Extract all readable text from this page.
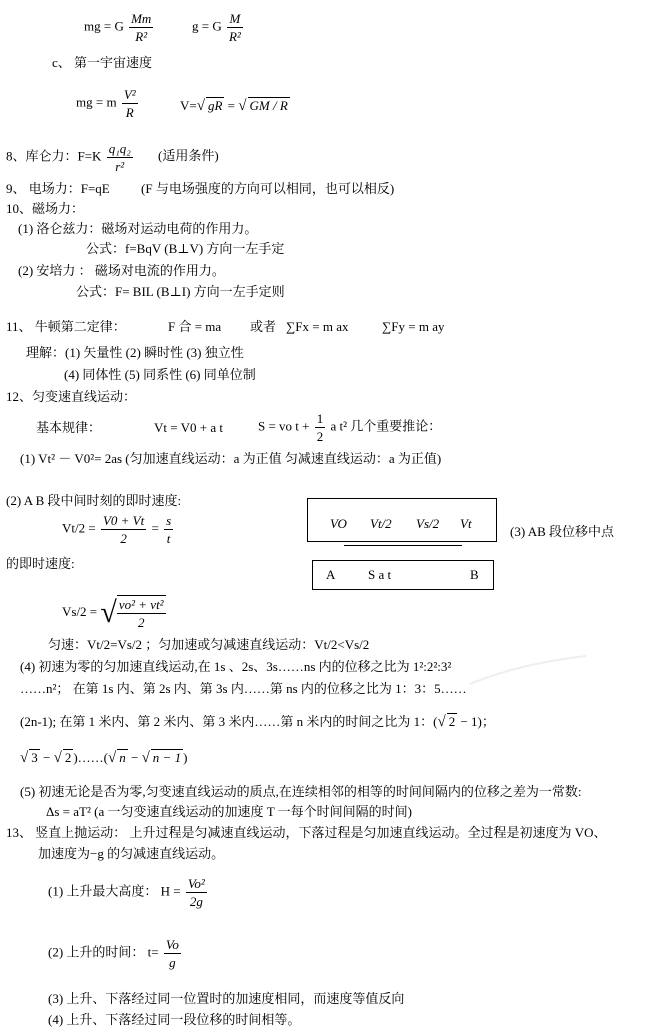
mg = G $\frac{Mm}{\text{R²}}$	g = G $\frac{M}{\text{R²}}$
c、 第一宇宙速度
mg = m $\frac{\text{V²}}{R}$	V=√ gR = √ GM / R
8、库仑力：$F=K \frac{\text{q₁q₂}}{\text{r²}}$ (适用条件)
9、 电场力：F=qE (F 与电场强度的方向可以相同，也可以相反)
10、磁场力：
(1) 洛仑兹力：磁场对运动电荷的作用力。
公式：f=BqV (B⊥V) 方向一左手定
(2) 安培力 ： 磁场对电流的作用力。
公式：F= BIL (B⊥I) 方向一左手定则
11、 牛顿第二定律：	F 合 = ma 或者 ∑Fx = m ax	∑Fy = m ay
理解：(1) 矢量性 (2) 瞬时性 (3) 独立性
(4) 同体性 (5) 同系性 (6) 同单位制
12、匀变速直线运动：
基本规律：	Vt = V0 + a t	S = vo $t + \frac{1}{2}$ a t² 几个重要推论：
(1) Vt² － V0²= 2as (匀加速直线运动：a 为正值 匀减速直线运动：a 为正值)
(2) A B 段中间时刻的即时速度:
$Vt/2 = \frac{V0 + Vt}{2} = \frac{s}{t}$	VO Vt/2 Vs/2 Vt
(3) AB 段位移中点
的即时速度:
A	S a t	B
Vs/2 = √ $\frac{\text{vo² + vt²}}{2}$
匀速：Vt/2=Vs/2 ；匀加速或匀减速直线运动：Vt/2<Vs/2
(4) 初速为零的匀加速直线运动,在 1s 、2s、3s……ns 内的位移之比为 1²:2²:3²
……n²； 在第 1s 内、第 2s 内、第 3s 内……第 ns 内的位移之比为 1：3：5……
(2n-1); 在第 1 米内、第 2 米内、第 3 米内……第 n 米内的时间之比为 1：(√ 2 − 1)；
√ 3 − √ 2 )……(√ n − √ n − 1 )
(5) 初速无论是否为零,匀变速直线运动的质点,在连续相邻的相等的时间间隔内的位移之差为一常数:
Δs = aT² (a 一匀变速直线运动的加速度 T 一每个时间间隔的时间)
13、 竖直上抛运动： 上升过程是匀减速直线运动，下落过程是匀加速直线运动。全过程是初速度为 VO、
加速度为−g 的匀减速直线运动。
(1) 上升最大高度： $H = \frac{\text{Vo²}}{2g}$
(2) 上升的时间： $t= \frac{Vo}{g}$
(3) 上升、下落经过同一位置时的加速度相同，而速度等值反向
(4) 上升、下落经过同一段位移的时间相等。
